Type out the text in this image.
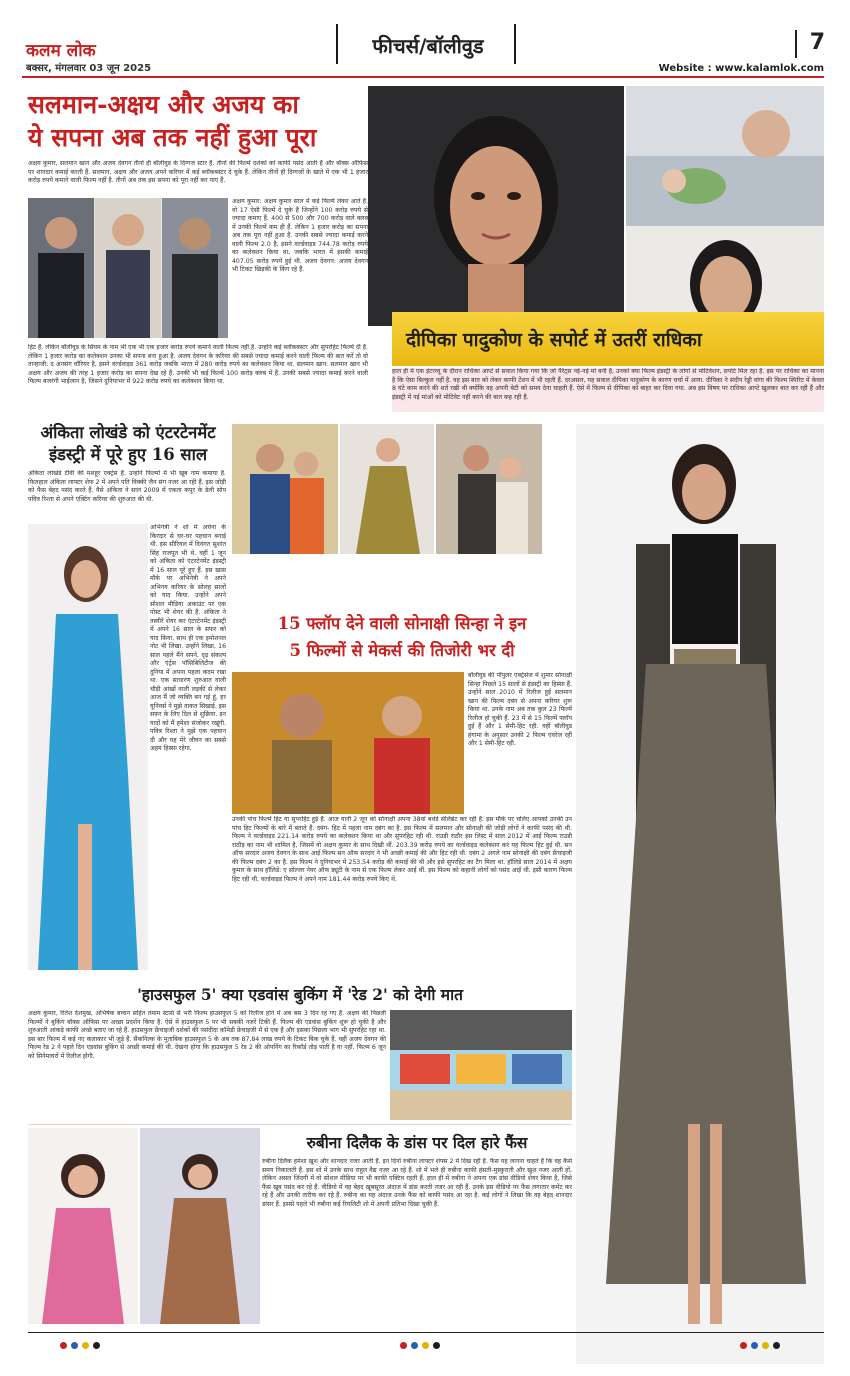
कलम लोक
बक्सर, मंगलवार 03 जून 2025
फीचर्स/बॉलीवुड	7
Website : www.kalamlok.com
सलमान-अक्षय और अजय का
ये सपना अब तक नहीं हुआ पूरा
अक्षय कुमार, सलमान खान और अजय देवगन तीनों ही बॉलीवुड के दिग्गज स्टार हैं. तीनों की फिल्में दर्शकों को काफी पसंद आती हैं और बॉक्स ऑफिस पर शानदार कमाई करती हैं. सलमान, अक्षय और अजय अपने करियर में कई ब्लॉकबस्टर दे चुके हैं. लेकिन तीनों ही दिग्गजों के खाते में एक भी 1 हजार करोड़ रुपये कमाने वाली फिल्म नहीं है. तीनों अब तक इस सपना को पूरा नहीं कर पाए हैं.
अक्षय कुमार: अक्षय कुमार साल में कई फिल्में लेकर आते हैं. वो 17 ऐसी फिल्में दे चुके हैं जिन्होंने 100 करोड़ रुपये से ज्यादा कमाए हैं. 400 से 500 और 700 करोड़ वाले क्लब में उनकी फिल्में कम ही हैं. लेकिन 1 हजार करोड़ का सपना अब तक पूरा नहीं हुआ है. उनकी सबसे ज्यादा कमाई करने वाली फिल्म 2.0 है, इसने वर्ल्डवाइड 744.78 करोड़ रुपये का कलेक्शन किया था, जबकि भारत में इसकी कमाई 407.05 करोड़ रुपये हुई थी. अजय देवगन: अजय देवगन भी टिकट खिड़की के किंग रहे हैं.
हिट हैं. लेकिन बॉलीवुड के सिंघम के नाम भी एक भी एक हजार करोड़ रुपये कमाने वाली फिल्म नहीं है. उन्होंने कई ब्लॉकबस्टर और सुपरहिट फिल्में दी हैं. लेकिन 1 हजार करोड़ का कलेक्शन उनका भी सपना बना हुआ है. अजय देवगन के करियर की सबसे ज्यादा कमाई करने वाली फिल्म की बात करें तो वो तान्हाजी: द अनसंग वॉरियर है, इसने वर्ल्डवाइड 361 करोड़ जबकि भारत में 280 करोड़ रुपये का कलेक्शन किया था. सलमान खान: सलमान खान भी अक्षय और अजय की तरह 1 हजार करोड़ का सपना देख रहे हैं. उनकी भी कई फिल्में 100 करोड़ क्लब में हैं. उनकी सबसे ज्यादा कमाई करने वाली फिल्म बजरंगी भाईजान है, जिसने दुनियाभर में 922 करोड़ रुपये का कलेक्शन किया था.
दीपिका पादुकोण के सपोर्ट में उतरीं राधिका
हाल ही में एक इंटरव्यू के दौरान राधिका आप्टे से सवाल किया गया कि जो पैरेंट्स नई-नई मां बनी हैं, उनको क्या फिल्म इंडस्ट्री के लोगों से मोटिवेशन, सपोर्ट मिल रहा है. इस पर राधिका का मानना है कि ऐसा बिल्कुल नहीं है. वह इस बात को लेकर काफी टेंशन में भी रहती हैं. दरअसल, यह सवाल दीपिका पादुकोण के कारण चर्चा में आया. दीपिका ने संदीप रेड्डी वांगा की फिल्म स्पिरिट में केवल 8 घंटे काम करने की शर्त रखी थी क्योंकि वह अपनी बेटी को समय देना चाहती हैं. ऐसे में फिल्म से दीपिका को बाहर कर दिया गया. अब इस विषय पर राधिका आप्टे खुलकर बात कर रही हैं और इंडस्ट्री में नई मांओं को मोटिवेट नहीं करने की बात कह रही हैं.
अंकिता लोखंडे को एंटरटेनमेंट
इंडस्ट्री में पूरे हुए 16 साल
अंकिता लोखंडे टीवी की मशहूर एक्ट्रेस हैं. उन्होंने फिल्मों में भी खूब नाम कमाया है. फिलहाल अंकिता लाफ्टर शेफ 2 में अपने पति विक्की जैन संग नजर आ रही हैं. इस जोड़ी को फैंस बेहद पसंद करते हैं. वैसे अंकिता ने साल 2009 में एकता कपूर के डेली सोप पवित्र रिश्ता से अपने एक्टिंग करियर की शुरुआत की थी.
अभिनेत्री ने शो में अर्चना के किरदार से घर-घर पहचान बनाई थी. इस सीरियल में दिवंगत सुशांत सिंह राजपूत भी थे. वहीं 1 जून को अंकिता को एंटरटेनमेंट इंडस्ट्री में 16 साल पूरे हुए हैं. इस खास मौके पर अभिनेत्री ने अपने अभिनय करियर के सोलह सालों को याद किया. उन्होंने अपने सोशल मीडिया अकाउंट पर एक पोस्ट भी शेयर की है. अंकिता ने तस्वीरें शेयर कर एंटरटेनमेंट इंडस्ट्री में अपने 16 साल के सफर को याद किया. साथ ही एक इमोशनल नोट भी लिखा. उन्होंने लिखा, 16 साल पहले मैंने सपने, दृढ़ संकल्प और एंट्रेंस पॉसिबिलिटीज की दुनिया में अपना पहला कदम रखा था. एक साधारण शुरुआत वाली चौड़ी आंखों वाली लड़की से लेकर आज मैं जो व्यक्ति बन गई हूं, हर यूनिवर्स ने मुझे ताकत सिखाई. इस सफ़र के लिए दिल से शुक्रिया. इन यादों को मैं हमेशा संजोकर रखूंगी. पवित्र रिश्ता ने मुझे एक पहचान दी और यह मेरे जीवन का सबसे अहम हिस्सा रहेगा.
15 फ्लॉप देने वाली सोनाक्षी सिन्हा ने इन
5 फिल्मों से मेकर्स की तिजोरी भर दी
बॉलीवुड की पॉपुलर एक्ट्रेसेज में शुमार सोनाक्षी सिन्हा पिछले 15 सालों से इंडस्ट्री का हिस्सा हैं. उन्होंने साल 2010 में रिलीज हुई सलमान खान की फिल्म दबंग से अपना करियर शुरू किया था. उनके नाम अब तक कुल 23 फिल्में रिलीज हो चुकी हैं. 23 में से 15 फिल्में फ्लॉप हुई हैं और 1 सेमी-हिट रही. वहीं बॉलीवुड हंगामा के अनुसार उनकी 2 फिल्म एवरेज रहीं और 1 सेमी-हिट रही.
उनकी पांच फिल्में हिट या सुपरहिट हुई हैं. आज यानी 2 जून को सोनाक्षी अपना 38वां बर्थडे सेलिब्रेट कर रही हैं. इस मौके पर चलिए आपको उनकी उन पांच हिट फिल्मों के बारे में बताते हैं. दबंग- हिट में पहला नाम दबंग का है. इस फिल्म में सलमान और सोनाक्षी की जोड़ी लोगों ने काफी पसंद की थी. फिल्म ने वर्ल्डवाइड 221.14 करोड़ रुपये का कलेक्शन किया था और सुपरहिट रही थी. राउडी राठौर इस लिस्ट में साल 2012 में आई फिल्म राउडी राठौड़ का नाम भी शामिल है, जिसमें वो अक्षय कुमार के साथ दिखी थीं. 203.39 करोड़ रुपये का वर्ल्डवाइड कलेक्शन कर यह फिल्म हिट हुई थी. सन ऑफ सरदार अजय देवगन के साथ आई फिल्म सन ऑफ सरदार ने भी अच्छी कमाई की और हिट रही थी. दबंग 2 अगले नाम सोनाक्षी की दबंग फ्रेंचाइजी की फिल्म दबंग 2 का है. इस फिल्म ने दुनियाभर में 253.54 करोड़ की कमाई की थी और इसे सुपरहिट का टैग मिला था. हॉलिडे साल 2014 में अक्षय कुमार के साथ हॉलिडे: ए सोल्जर नेवर ऑफ ड्यूटी के नाम से एक फिल्म लेकर आई थीं. इस फिल्म को कहानी लोगों को पसंद आई थी. इसी कारण फिल्म हिट रही थी, वर्ल्डवाइड फिल्म ने अपने नाम 181.44 करोड़ रुपये किए थे.
'हाउसफुल 5' क्या एडवांस बुकिंग में 'रेड 2' को देगी मात
अक्षय कुमार, रितेश देशमुख, अभिषेक बच्चन सहित तमाम स्टार्स से भरी फिल्म हाउसफुल 5 को रिलीज होने में अब बस 3 दिन रह गए हैं. अक्षय की पिछली फिल्मों ने बुकिंग बॉक्स ऑफिस पर अच्छा प्रदर्शन किया है. ऐसे में हाउसफुल 5 पर भी सबकी नजरें टिकी हैं. फिल्म की एडवांस बुकिंग शुरू हो चुकी है और शुरुआती आंकड़े काफी अच्छे बताए जा रहे हैं. हाउसफुल फ्रेंचाइजी दर्शकों की पसंदीदा कॉमेडी फ्रेंचाइजी में से एक है और इसका पिछला भाग भी सुपरहिट रहा था. इस बार फिल्म में कई नए कलाकार भी जुड़े हैं. सैकनिल्क के मुताबिक हाउसफुल 5 के अब तक 87.84 लाख रुपये के टिकट बिक चुके हैं. वहीं अजय देवगन की फिल्म रेड 2 ने पहले दिन एडवांस बुकिंग से अच्छी कमाई की थी. देखना होगा कि हाउसफुल 5 रेड 2 की ओपनिंग का रिकॉर्ड तोड़ पाती है या नहीं. फिल्म 6 जून को सिनेमाघरों में रिलीज होगी.
रुबीना दिलैक के डांस पर दिल हारे फैंस
रुबीना दिलैक हमेशा खुश और शानदार नजर आती हैं. इन दिनों रुबीना लाफ्टर शेफ्स 2 में दिख रही हैं. फैंस यह जानना चाहते हैं कि वह कैसे समय निकालती हैं. इस शो में उनके साथ राहुल वैद्य नजर आ रहे हैं. शो में भले ही रुबीना काफी हंसती-मुस्कुराती और खुश नजर आती हों, लेकिन असल जिंदगी में वो सोशल मीडिया पर भी काफी एक्टिव रहती हैं. हाल ही में रुबीना ने अपना एक डांस वीडियो शेयर किया है, जिसे फैंस खूब पसंद कर रहे हैं. वीडियो में वह बेहद खूबसूरत अंदाज में डांस करती नजर आ रही हैं. उनके इस वीडियो पर फैंस लगातार कमेंट कर रहे हैं और उनकी तारीफ कर रहे हैं. रुबीना का यह अंदाज उनके फैंस को काफी पसंद आ रहा है. कई लोगों ने लिखा कि वह बेहद शानदार डांसर हैं. इससे पहले भी रुबीना कई रियलिटी शो में अपनी प्रतिभा दिखा चुकी हैं.
